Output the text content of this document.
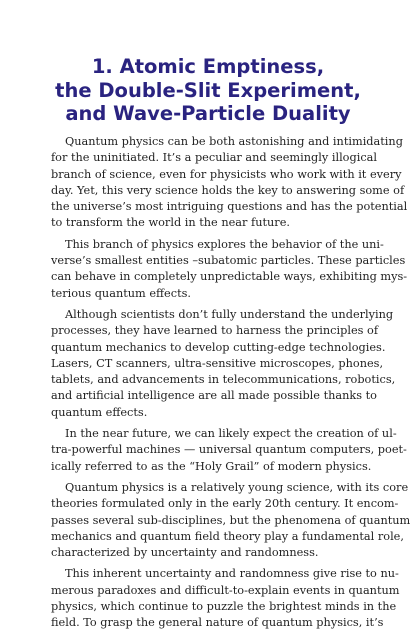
1. Atomic Emptiness,
the Double-Slit Experiment,
and Wave-Particle Duality

Quantum physics can be both astonishing and intimidating
for the uninitiated. It’s a peculiar and seemingly illogical
branch of science, even for physicists who work with it every
day. Yet, this very science holds the key to answering some of
the universe’s most intriguing questions and has the potential
to transform the world in the near future.

This branch of physics explores the behavior of the uni-
verse’s smallest entities –subatomic particles. These particles
can behave in completely unpredictable ways, exhibiting mys-
terious quantum effects.

Although scientists don’t fully understand the underlying
processes, they have learned to harness the principles of
quantum mechanics to develop cutting-edge technologies.
Lasers, CT scanners, ultra-sensitive microscopes, phones,
tablets, and advancements in telecommunications, robotics,
and artificial intelligence are all made possible thanks to
quantum effects.

In the near future, we can likely expect the creation of ul-
tra-powerful machines — universal quantum computers, poet-
ically referred to as the “Holy Grail” of modern physics.

Quantum physics is a relatively young science, with its core
theories formulated only in the early 20th century. It encom-
passes several sub-disciplines, but the phenomena of quantum
mechanics and quantum field theory play a fundamental role,
characterized by uncertainty and randomness.

This inherent uncertainty and randomness give rise to nu-
merous paradoxes and difficult-to-explain events in quantum
physics, which continue to puzzle the brightest minds in the
field. To grasp the general nature of quantum physics, it’s
